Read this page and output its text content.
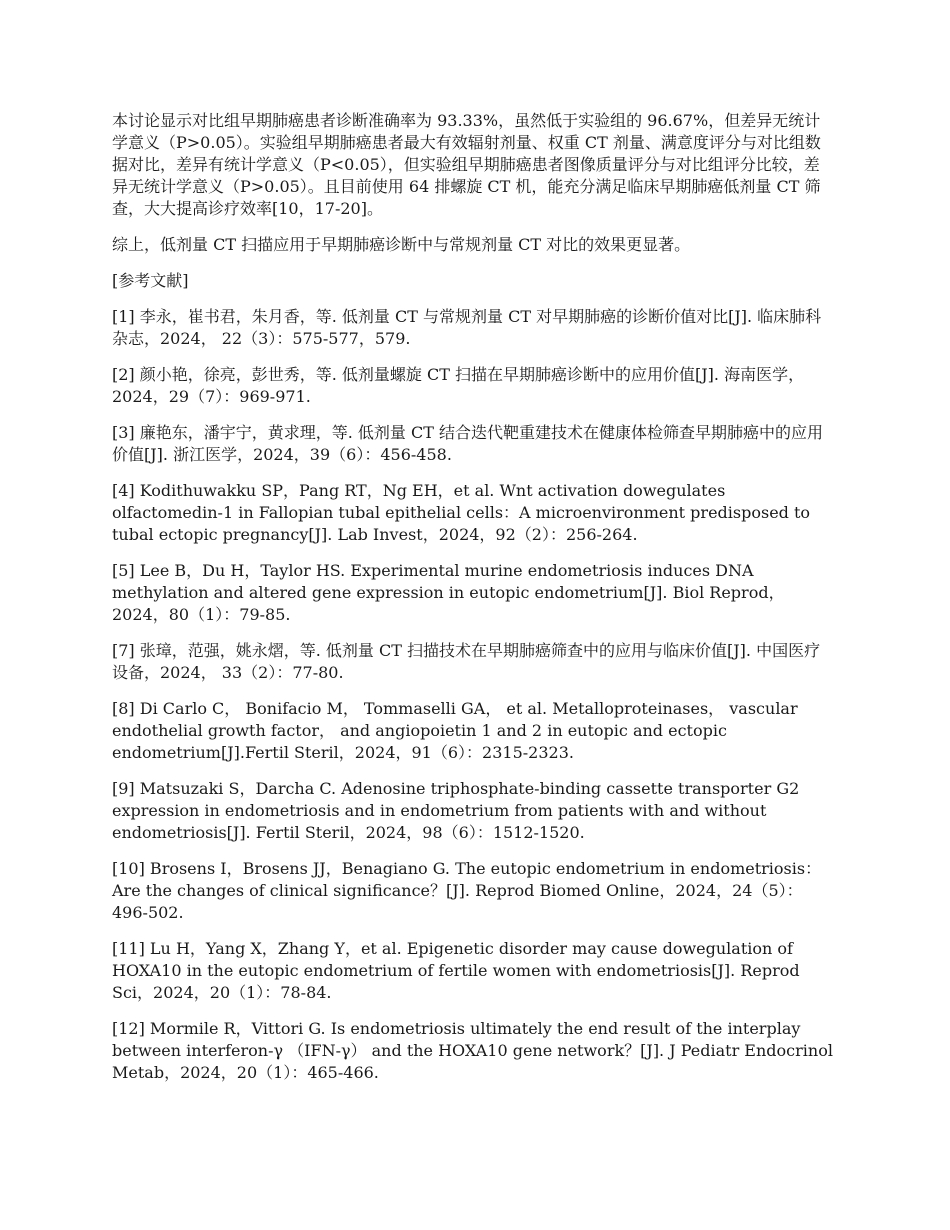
本讨论显示对比组早期肺癌患者诊断准确率为 93.33%，虽然低于实验组的 96.67%，但差异无统计学意义（P>0.05）。实验组早期肺癌患者最大有效辐射剂量、权重 CT 剂量、满意度评分与对比组数据对比，差异有统计学意义（P<0.05），但实验组早期肺癌患者图像质量评分与对比组评分比较，差异无统计学意义（P>0.05）。且目前使用 64 排螺旋 CT 机，能充分满足临床早期肺癌低剂量 CT 筛查，大大提高诊疗效率[10，17-20]。

综上，低剂量 CT 扫描应用于早期肺癌诊断中与常规剂量 CT 对比的效果更显著。

[参考文献]

[1] 李永，崔书君，朱月香，等. 低剂量 CT 与常规剂量 CT 对早期肺癌的诊断价值对比[J]. 临床肺科杂志，2024， 22（3）：575-577，579.

[2] 颜小艳，徐亮，彭世秀，等. 低剂量螺旋 CT 扫描在早期肺癌诊断中的应用价值[J]. 海南医学，2024，29（7）：969-971.

[3] 廉艳东，潘宇宁，黄求理，等. 低剂量 CT 结合迭代靶重建技术在健康体检筛查早期肺癌中的应用价值[J]. 浙江医学，2024，39（6）：456-458.

[4] Kodithuwakku SP，Pang RT，Ng EH，et al. Wnt activation dowegulates olfactomedin-1 in Fallopian tubal epithelial cells：A microenvironment predisposed to tubal ectopic pregnancy[J]. Lab Invest，2024，92（2）：256-264.

[5] Lee B，Du H，Taylor HS. Experimental murine endometriosis induces DNA methylation and altered gene expression in eutopic endometrium[J]. Biol Reprod，2024，80（1）：79-85.

[7] 张璋，范强，姚永熠，等. 低剂量 CT 扫描技术在早期肺癌筛查中的应用与临床价值[J]. 中国医疗设备，2024， 33（2）：77-80.

[8] Di Carlo C， Bonifacio M， Tommaselli GA， et al. Metalloproteinases， vascular endothelial growth factor， and angiopoietin 1 and 2 in eutopic and ectopic endometrium[J].Fertil Steril，2024，91（6）：2315-2323.

[9] Matsuzaki S，Darcha C. Adenosine triphosphate-binding cassette transporter G2 expression in endometriosis and in endometrium from patients with and without endometriosis[J]. Fertil Steril，2024，98（6）：1512-1520.

[10] Brosens I，Brosens JJ，Benagiano G. The eutopic endometrium in endometriosis：Are the changes of clinical significance？[J]. Reprod Biomed Online，2024，24（5）：496-502.

[11] Lu H，Yang X，Zhang Y，et al. Epigenetic disorder may cause dowegulation of HOXA10 in the eutopic endometrium of fertile women with endometriosis[J]. Reprod Sci，2024，20（1）：78-84.

[12] Mormile R，Vittori G. Is endometriosis ultimately the end result of the interplay between interferon-γ （IFN-γ） and the HOXA10 gene network？[J]. J Pediatr Endocrinol Metab，2024，20（1）：465-466.
